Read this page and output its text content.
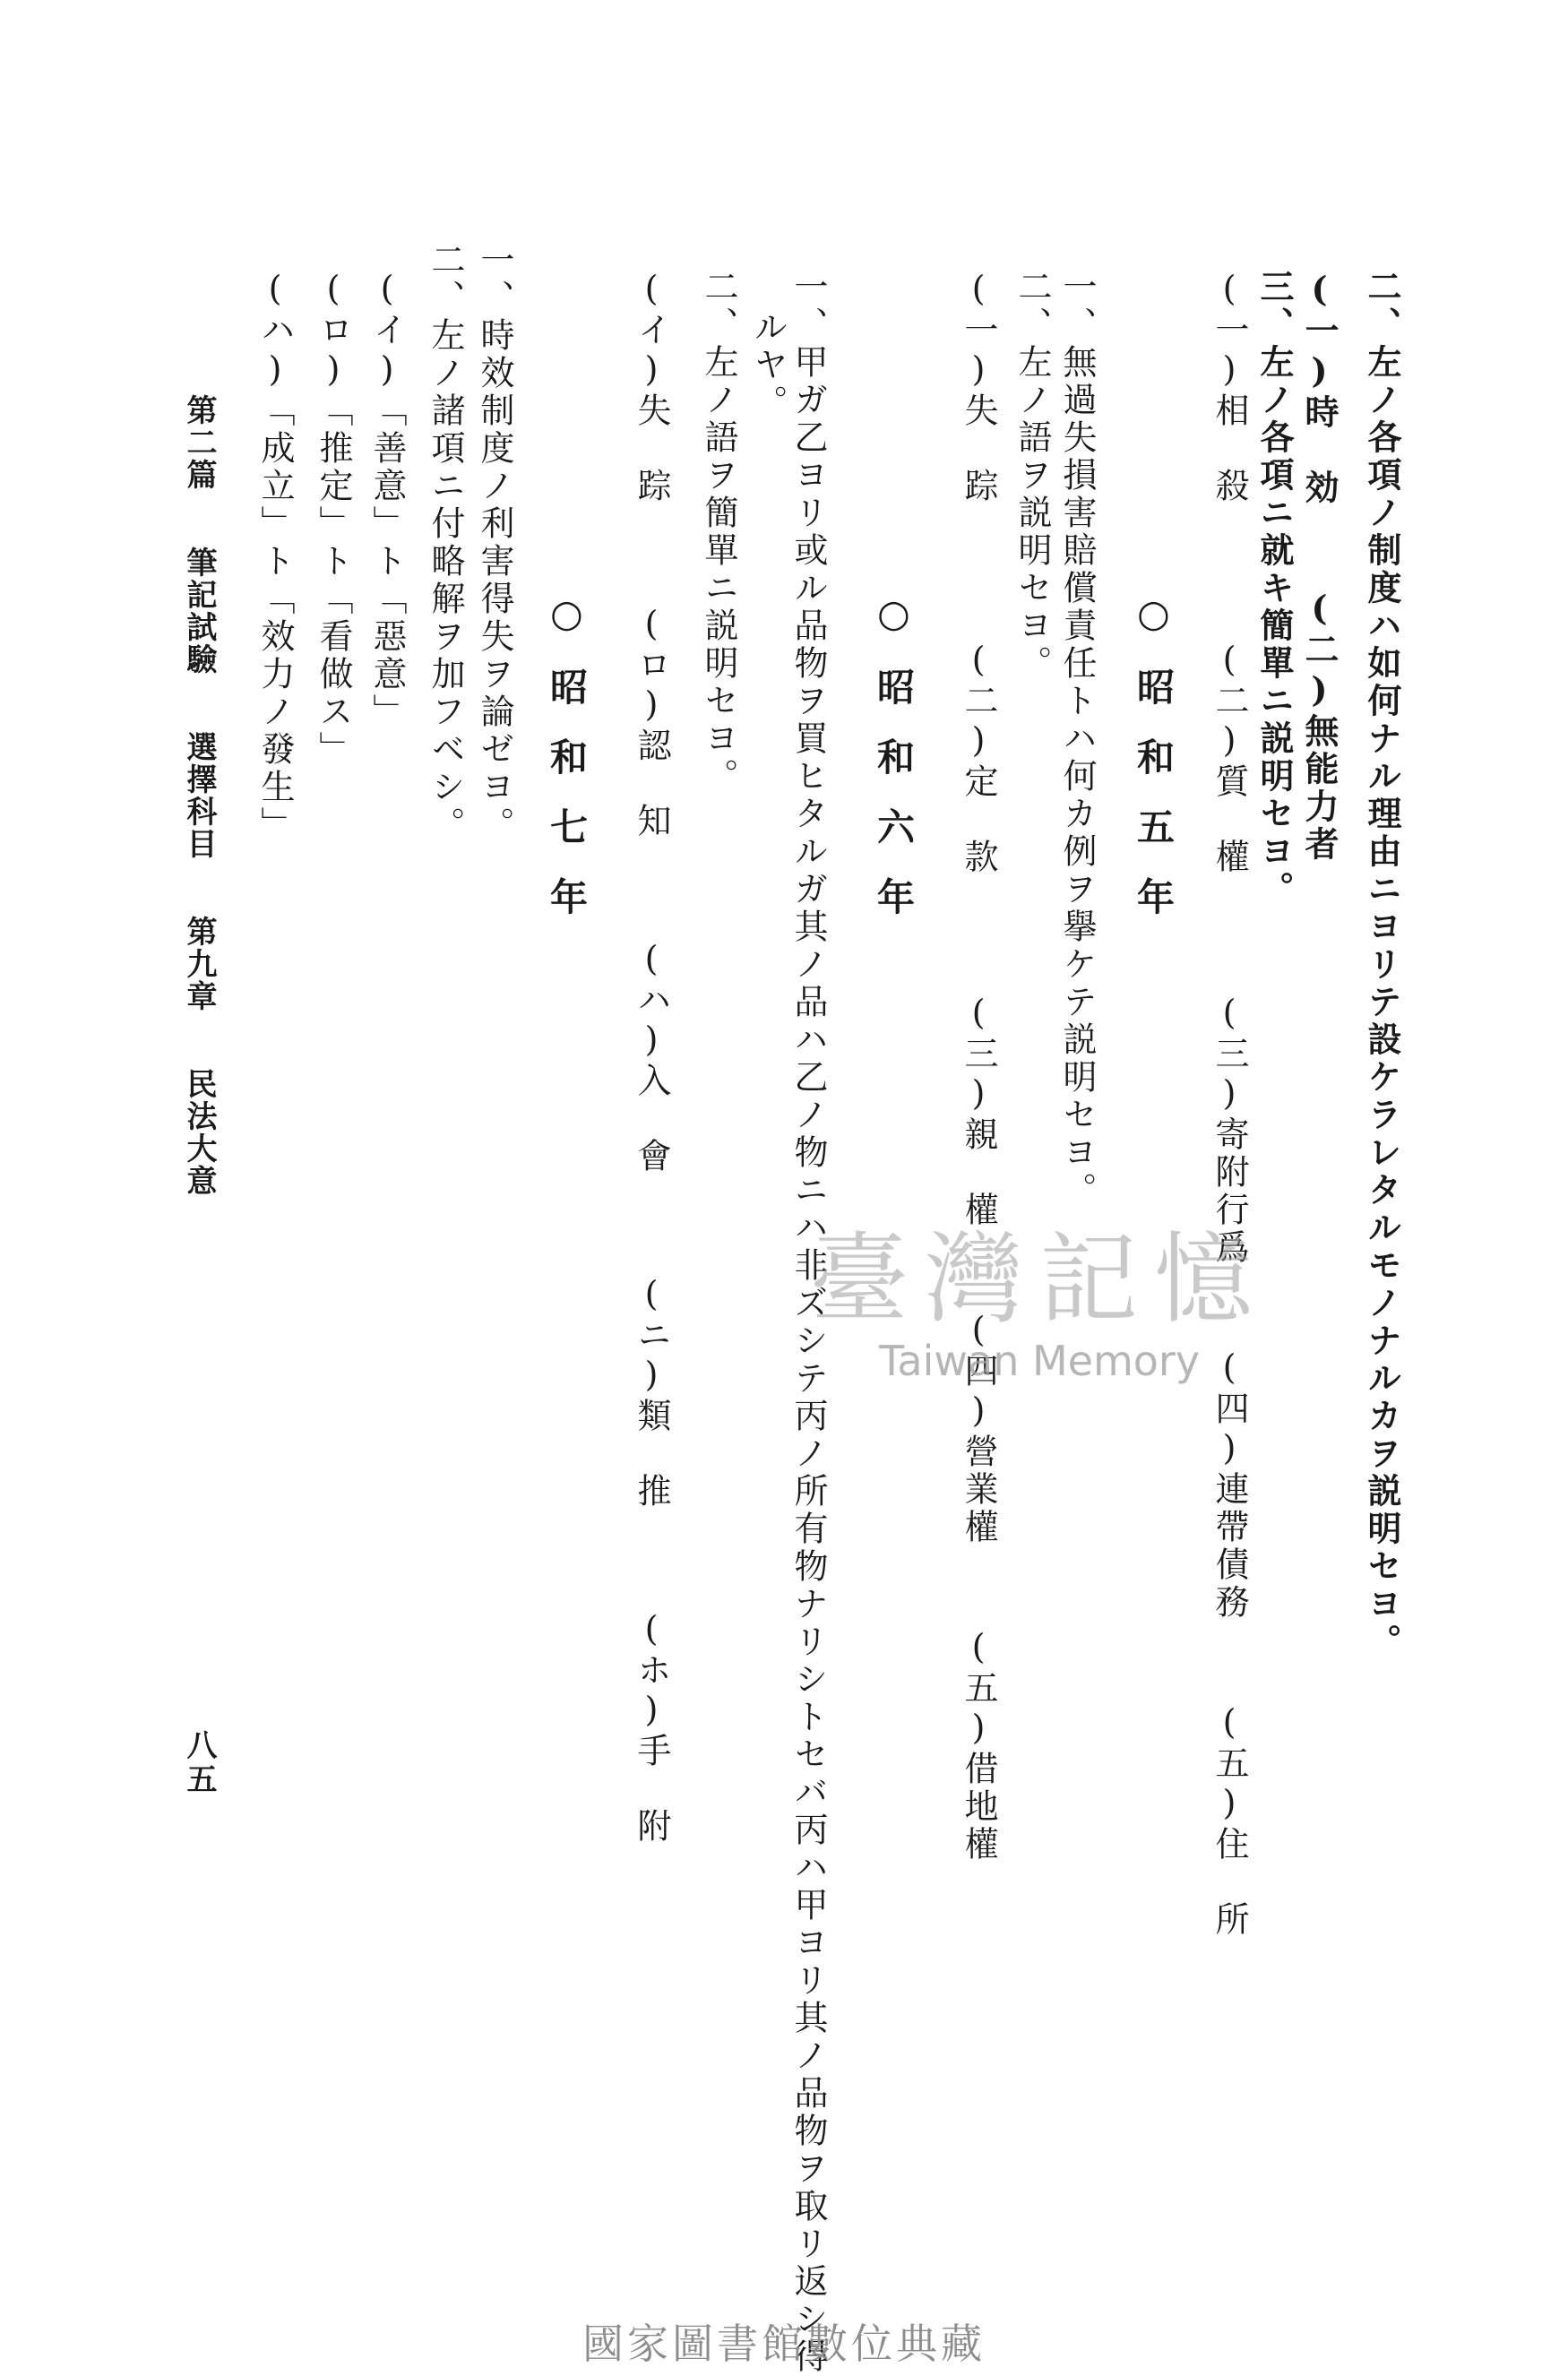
二、左ノ各項ノ制度ハ如何ナル理由ニヨリテ設ケラレタルモノナルカヲ説明セヨ。
(一)時　効(二)無能力者
三、左ノ各項ニ就キ簡單ニ説明セヨ。
(一)相　殺(二)質　權(三)寄附行爲(四)連帶債務(五)住　所
○昭和五年
一、無過失損害賠償責任トハ何カ例ヲ擧ケテ説明セヨ。
二、左ノ語ヲ説明セヨ。
(一)失　踪(二)定　款(三)親　權(四)營業權(五)借地權
○昭和六年
一、甲ガ乙ヨリ或ル品物ヲ買ヒタルガ其ノ品ハ乙ノ物ニハ非ズシテ丙ノ所有物ナリシトセバ丙ハ甲ヨリ其ノ品物ヲ取リ返シ得
ルヤ。
二、左ノ語ヲ簡單ニ説明セヨ。
(イ)失　踪(ロ)認　知(ハ)入　會(ニ)類　推(ホ)手　附
○昭和七年
一、時效制度ノ利害得失ヲ論ゼヨ。
二、左ノ諸項ニ付略解ヲ加フベシ。
(イ)「善意」ト「惡意」
(ロ)「推定」ト「看做ス」
(ハ)「成立」ト「效力ノ發生」
第二篇筆記試驗選擇科目第九章民法大意
八五
臺灣記憶
Taiwan Memory
國家圖書館數位典藏
